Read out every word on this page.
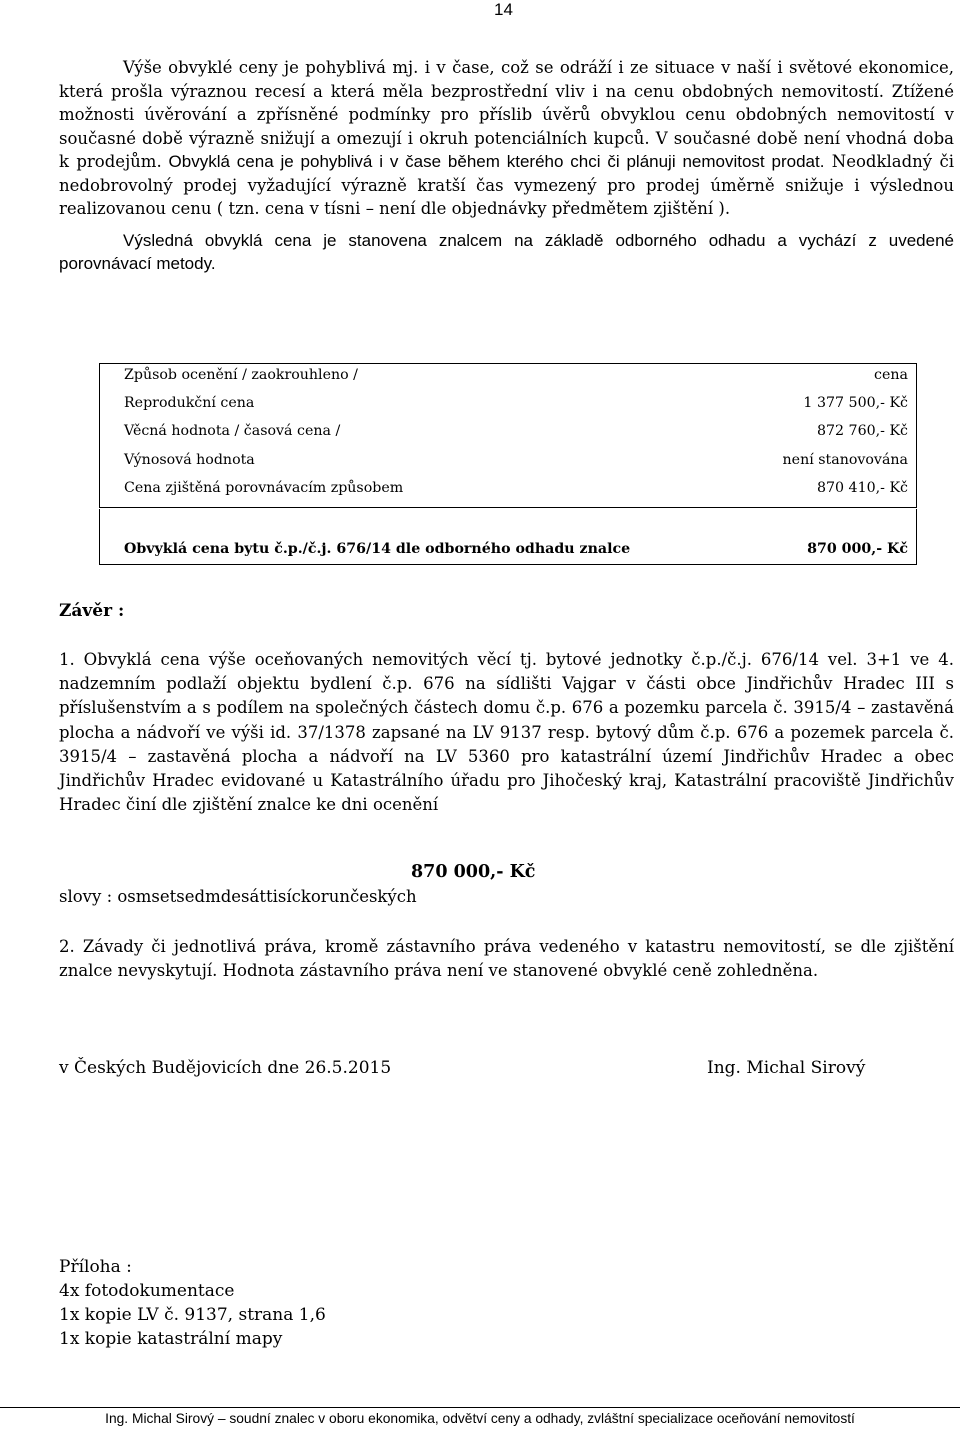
14

Výše obvyklé ceny je pohyblivá mj. i v čase, což se odráží i ze situace v naší i světové ekonomice, která prošla výraznou recesí a která měla bezprostřední vliv i na cenu obdobných nemovitostí. Ztížené možnosti úvěrování a zpřísněné podmínky pro příslib úvěrů obvyklou cenu obdobných nemovitostí v současné době výrazně snižují a omezují i okruh potenciálních kupců. V současné době není vhodná doba k prodejům. Obvyklá cena je pohyblivá i v čase během kterého chci či plánuji nemovitost prodat. Neodkladný či nedobrovolný prodej vyžadující výrazně kratší čas vymezený pro prodej úměrně snižuje i výslednou realizovanou cenu ( tzn. cena v tísni – není dle objednávky předmětem zjištění ).

Výsledná obvyklá cena je stanovena znalcem na základě odborného odhadu a vychází z uvedené porovnávací metody.

Způsob ocenění / zaokrouhleno /	cena
Reprodukční cena	1 377 500,- Kč
Věcná hodnota / časová cena /	872 760,- Kč
Výnosová hodnota	není stanovována
Cena zjištěná porovnávacím způsobem	870 410,- Kč
Obvyklá cena bytu č.p./č.j. 676/14 dle odborného odhadu znalce	870 000,- Kč
Závěr :
1. Obvyklá cena výše oceňovaných nemovitých věcí tj. bytové jednotky č.p./č.j. 676/14 vel. 3+1 ve 4. nadzemním podlaží objektu bydlení č.p. 676 na sídlišti Vajgar v části obce Jindřichův Hradec III s příslušenstvím a s podílem na společných částech domu č.p. 676 a pozemku parcela č. 3915/4 – zastavěná plocha a nádvoří ve výši id. 37/1378 zapsané na LV 9137 resp. bytový dům č.p. 676 a pozemek parcela č. 3915/4 – zastavěná plocha a nádvoří na LV 5360 pro katastrální území Jindřichův Hradec a obec Jindřichův Hradec evidované u Katastrálního úřadu pro Jihočeský kraj, Katastrální pracoviště Jindřichův Hradec činí dle zjištění znalce ke dni ocenění
870 000,- Kč
slovy : osmsetsedmdesáttisíckorunčeských
2. Závady či jednotlivá práva, kromě zástavního práva vedeného v katastru nemovitostí, se dle zjištění znalce nevyskytují. Hodnota zástavního práva není ve stanovené obvyklé ceně zohledněna.
v Českých Budějovicích dne 26.5.2015	Ing. Michal Sirový
Příloha :
4x fotodokumentace
1x kopie LV č. 9137, strana 1,6
1x kopie katastrální mapy
Ing. Michal Sirový – soudní znalec v oboru ekonomika, odvětví ceny a odhady, zvláštní specializace oceňování nemovitostí
